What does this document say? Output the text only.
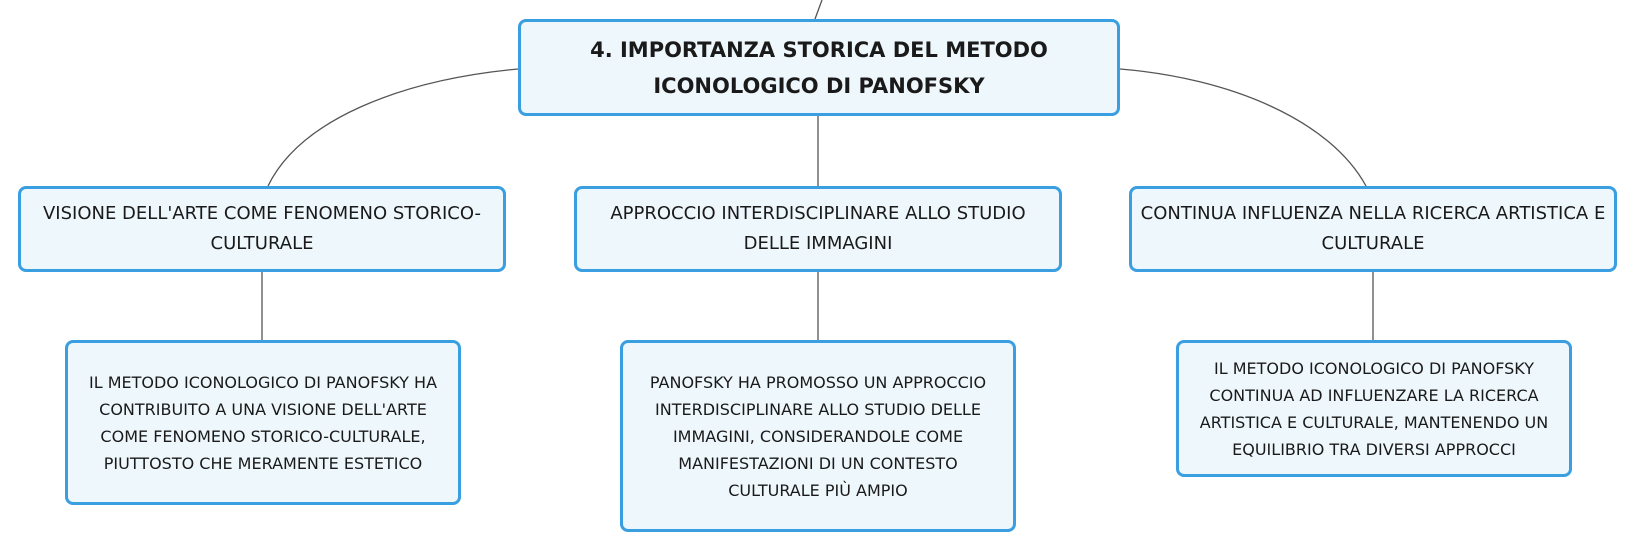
4. IMPORTANZA STORICA DEL METODO ICONOLOGICO DI PANOFSKY
VISIONE DELL'ARTE COME FENOMENO STORICO-CULTURALE
APPROCCIO INTERDISCIPLINARE ALLO STUDIO DELLE IMMAGINI
CONTINUA INFLUENZA NELLA RICERCA ARTISTICA E CULTURALE
IL METODO ICONOLOGICO DI PANOFSKY HA CONTRIBUITO A UNA VISIONE DELL'ARTE COME FENOMENO STORICO-CULTURALE, PIUTTOSTO CHE MERAMENTE ESTETICO
PANOFSKY HA PROMOSSO UN APPROCCIO INTERDISCIPLINARE ALLO STUDIO DELLE IMMAGINI, CONSIDERANDOLE COME MANIFESTAZIONI DI UN CONTESTO CULTURALE PIÙ AMPIO
IL METODO ICONOLOGICO DI PANOFSKY CONTINUA AD INFLUENZARE LA RICERCA ARTISTICA E CULTURALE, MANTENENDO UN EQUILIBRIO TRA DIVERSI APPROCCI
